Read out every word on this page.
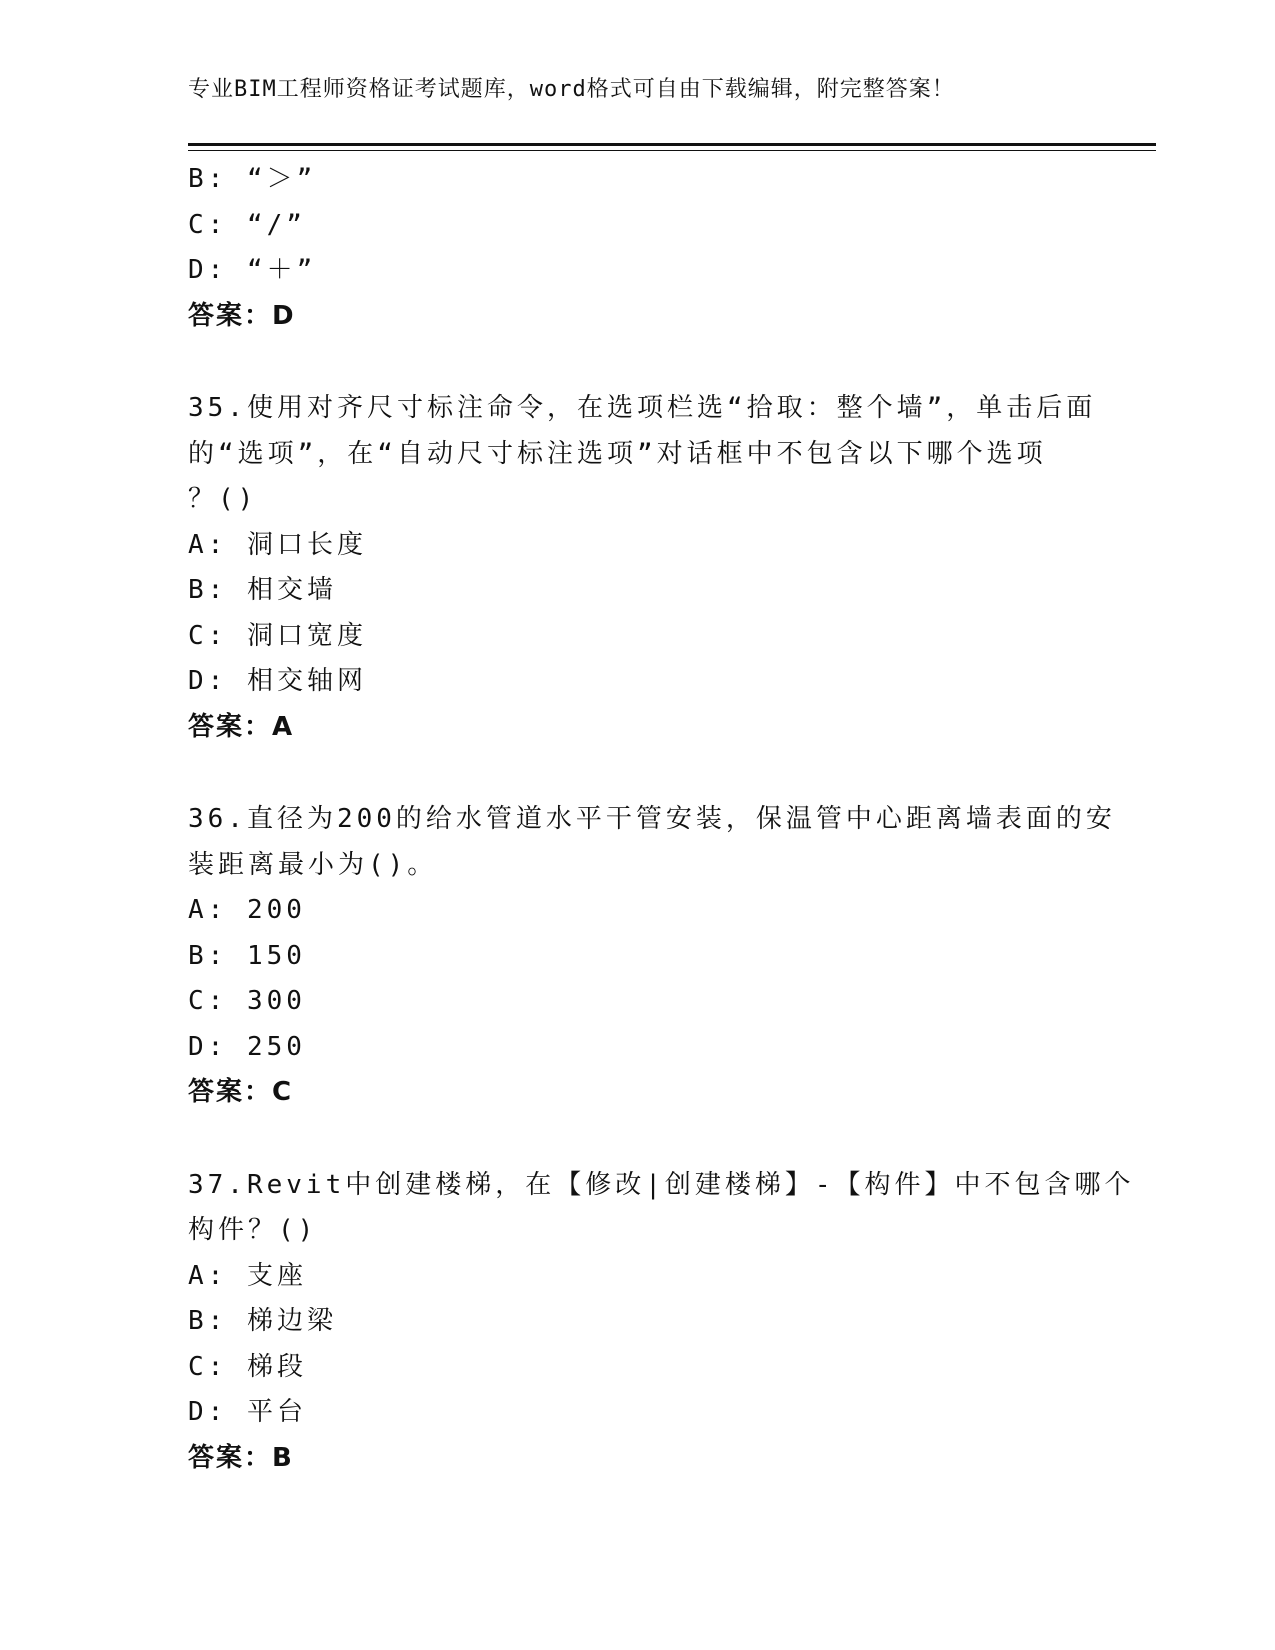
专业BIM工程师资格证考试题库，word格式可自由下载编辑，附完整答案！
B: “＞”
C: “/”
D: “＋”
答案：D
35.使用对齐尺寸标注命令，在选项栏选“拾取：整个墙”，单击后面
的“选项”，在“自动尺寸标注选项”对话框中不包含以下哪个选项
？()
A: 洞口长度
B: 相交墙
C: 洞口宽度
D: 相交轴网
答案：A
36.直径为200的给水管道水平干管安装，保温管中心距离墙表面的安
装距离最小为()。
A: 200
B: 150
C: 300
D: 250
答案：C
37.Revit中创建楼梯，在【修改|创建楼梯】-【构件】中不包含哪个
构件？()
A: 支座
B: 梯边梁
C: 梯段
D: 平台
答案：B
